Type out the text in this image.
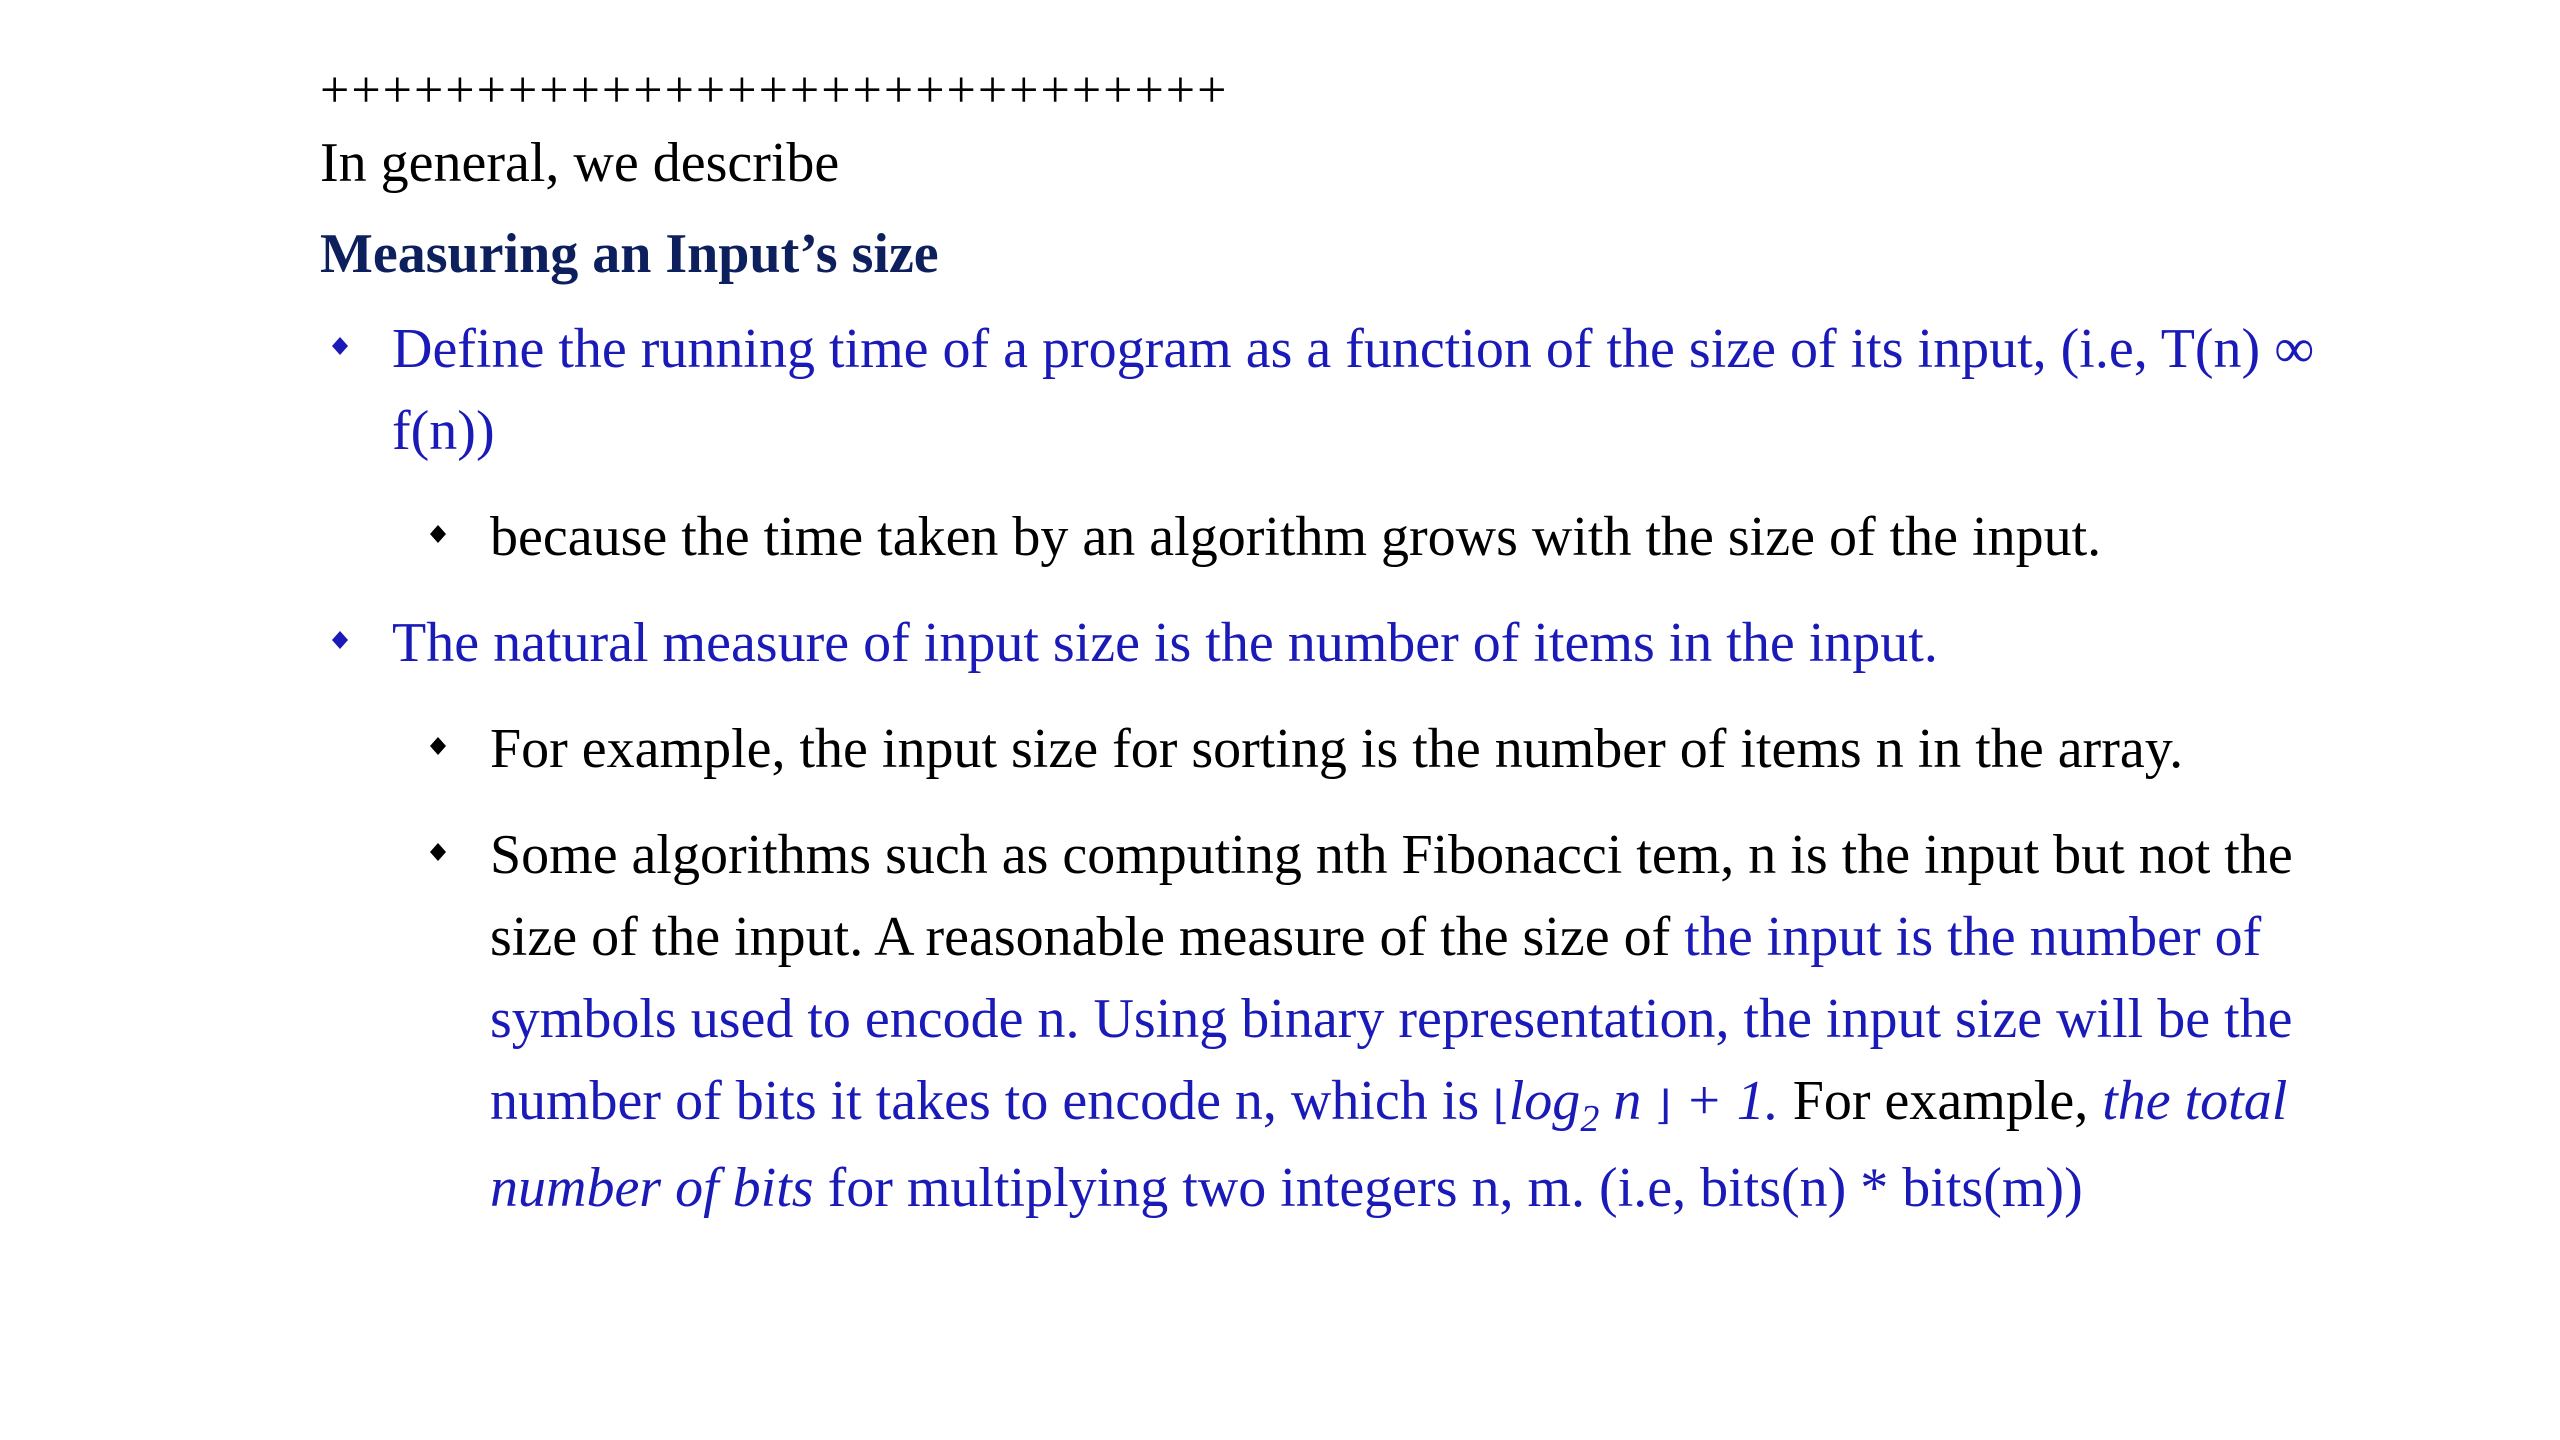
+++++++++++++++++++++++++++++

In general, we describe

Measuring an Input’s size

Define the running time of a program as a function of the size of its input, (i.e, T(n) ∞ f(n))
because the time taken by an algorithm grows with the size of the input.
The natural measure of input size is the number of items in the input.
For example, the input size for sorting is the number of items n in the array.
Some algorithms such as computing nth Fibonacci tem, n is the input but not the size of the input. A reasonable measure of the size of the input is the number of symbols used to encode n. Using binary representation, the input size will be the number of bits it takes to encode n, which is $⌊\log_2$ n ⌋ + 1. For example, the total number of bits for multiplying two integers n, m. (i.e, bits(n) * bits(m))
